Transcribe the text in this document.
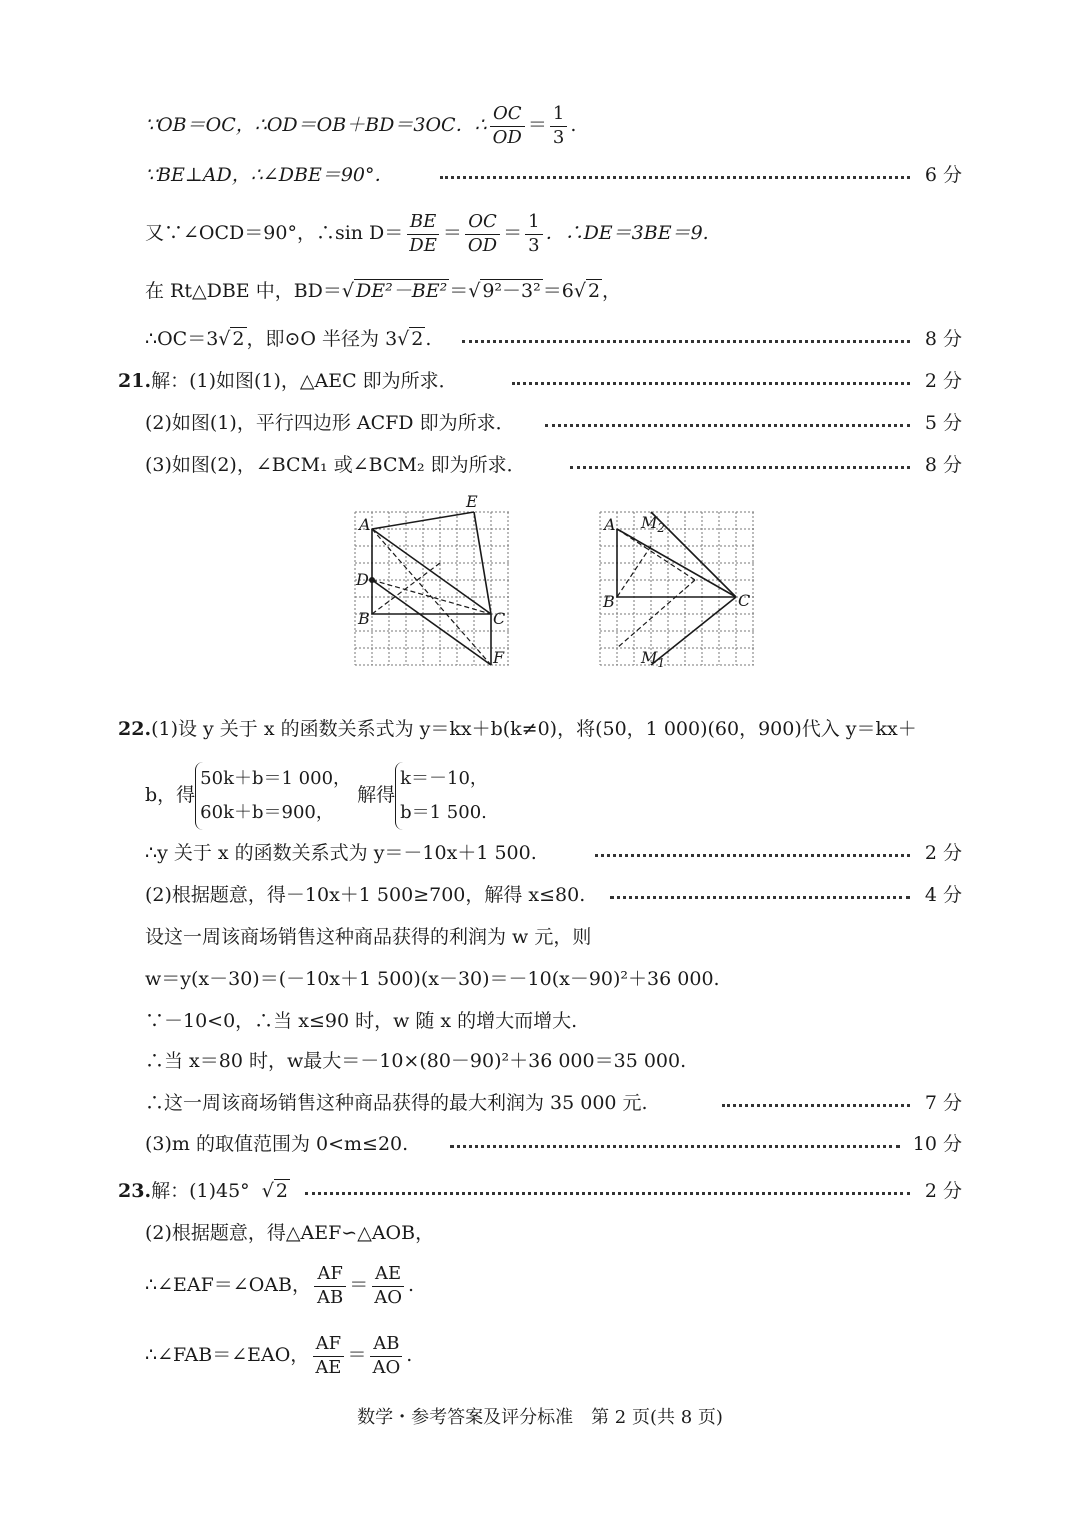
∵OB＝OC，∴OD＝OB＋BD＝3OC．∴ $\frac{OC}{OD} = \frac{1}{3}$ .
∵BE⊥AD，∴∠DBE＝90°．	6 分
又∵∠OCD＝90°，∴sin $D= \frac{BE}{DE} = \frac{OC}{OD} = \frac{1}{3}$ ．∴DE＝3BE＝9.
在 Rt△DBE 中，BD＝√ DE²－BE² ＝√ 9²－3² ＝6√ 2 ，
∴OC＝3√ 2 ，即⊙O 半径为 3√ 2 .	8 分
21.解：(1)如图(1)，△AEC 即为所求．	2 分
(2)如图(1)，平行四边形 ACFD 即为所求．	5 分
(3)如图(2)，∠BCM₁ 或∠BCM₂ 即为所求．	8 分
A
E
D
B	C
F
A $M_2$
B	C
$M_1$
22.(1)设 y 关于 x 的函数关系式为 y＝kx＋b(k≠0)，将(50，1 000)(60，900)代入 y＝kx＋
b，得
50k＋b＝1 000，
60k＋b＝900，
解得
k＝－10，
b＝1 500.
∴y 关于 x 的函数关系式为 y＝－10x＋1 500.	2 分
(2)根据题意，得－10x＋1 500≥700，解得 x≤80.	4 分
设这一周该商场销售这种商品获得的利润为 w 元，则
w＝y(x－30)＝(－10x＋1 500)(x－30)＝－10(x－90)²＋36 000.
∵－10<0，∴当 x≤90 时，w 随 x 的增大而增大.
∴当 x＝80 时，w最大＝－10×(80－90)²＋36 000＝35 000.
∴这一周该商场销售这种商品获得的最大利润为 35 000 元.	7 分
(3)m 的取值范围为 0<m≤20.	10 分
23.解：(1)45° √ 2	2 分
(2)根据题意，得△AEF∽△AOB，
∴∠EAF＝∠OAB， $\frac{AF}{AB} = \frac{AE}{AO}$ .
∴∠FAB＝∠EAO， $\frac{AF}{AE} = \frac{AB}{AO}$ .
数学・参考答案及评分标准　第 2 页(共 8 页)
